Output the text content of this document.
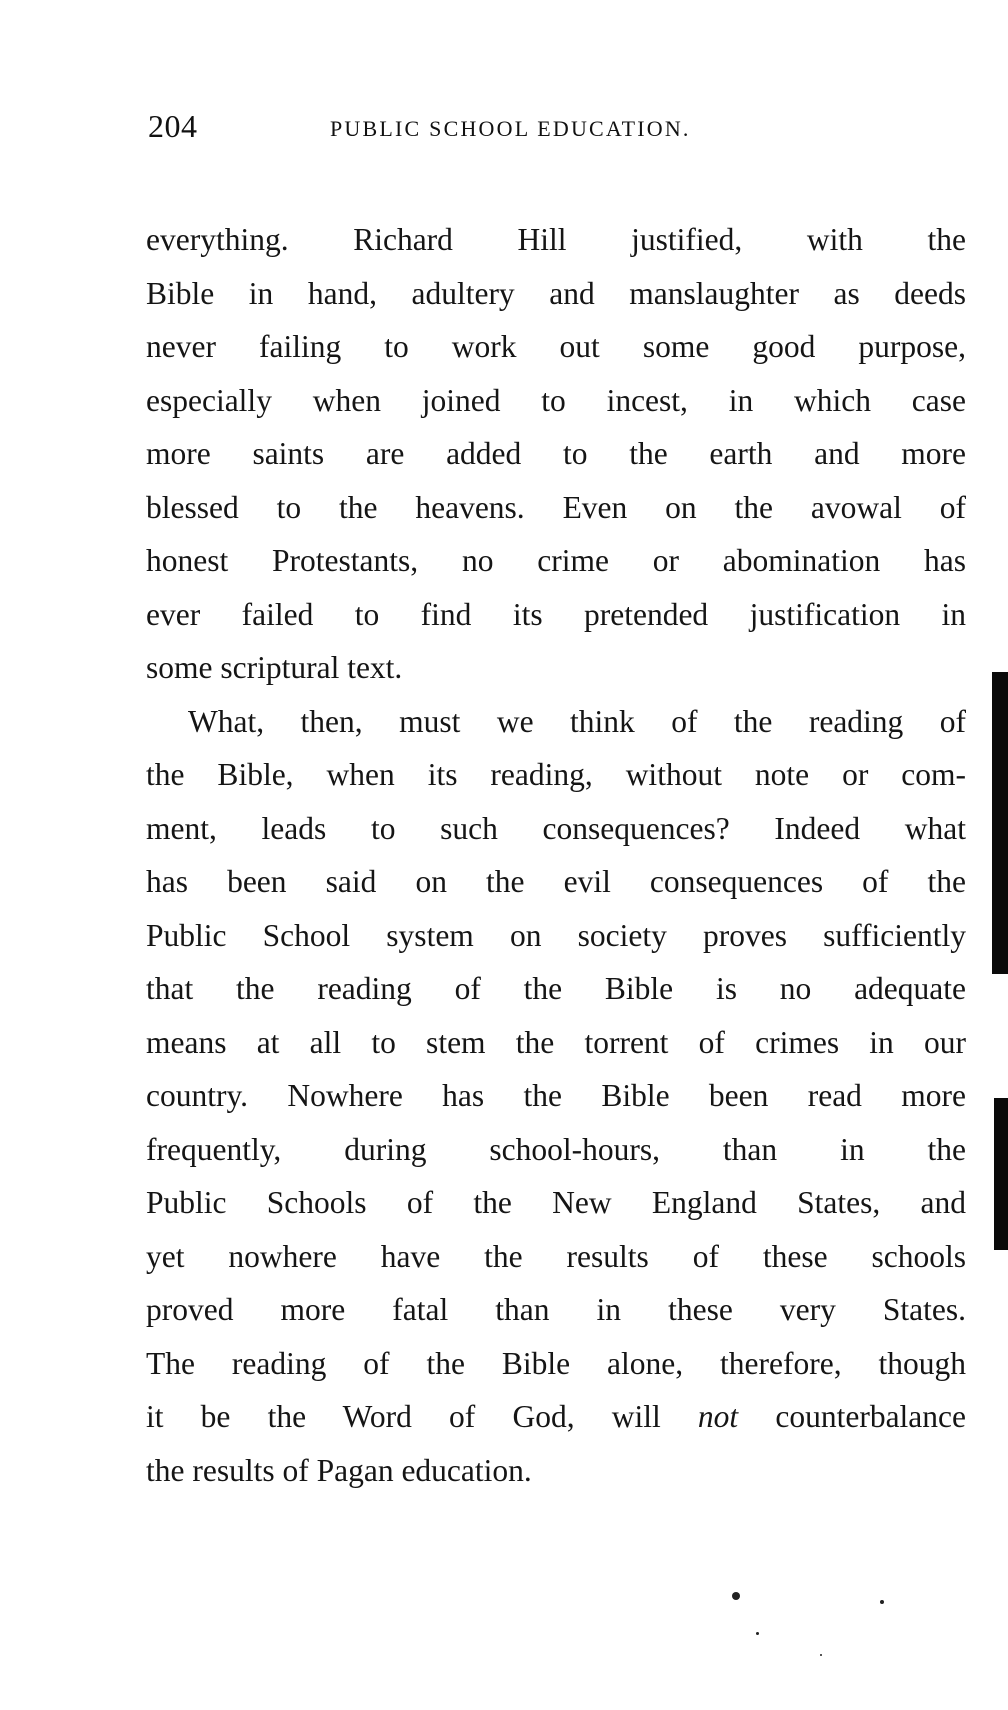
204	PUBLIC SCHOOL EDUCATION.
everything. Richard Hill justified, with the
Bible in hand, adultery and manslaughter as deeds
never failing to work out some good purpose,
especially when joined to incest, in which case
more saints are added to the earth and more
blessed to the heavens. Even on the avowal of
honest Protestants, no crime or abomination has
ever failed to find its pretended justification in
some scriptural text.
What, then, must we think of the reading of
the Bible, when its reading, without note or com-
ment, leads to such consequences? Indeed what
has been said on the evil consequences of the
Public School system on society proves sufficiently
that the reading of the Bible is no adequate
means at all to stem the torrent of crimes in our
country. Nowhere has the Bible been read more
frequently, during school-hours, than in the
Public Schools of the New England States, and
yet nowhere have the results of these schools
proved more fatal than in these very States.
The reading of the Bible alone, therefore, though
it be the Word of God, will not counterbalance
the results of Pagan education.
